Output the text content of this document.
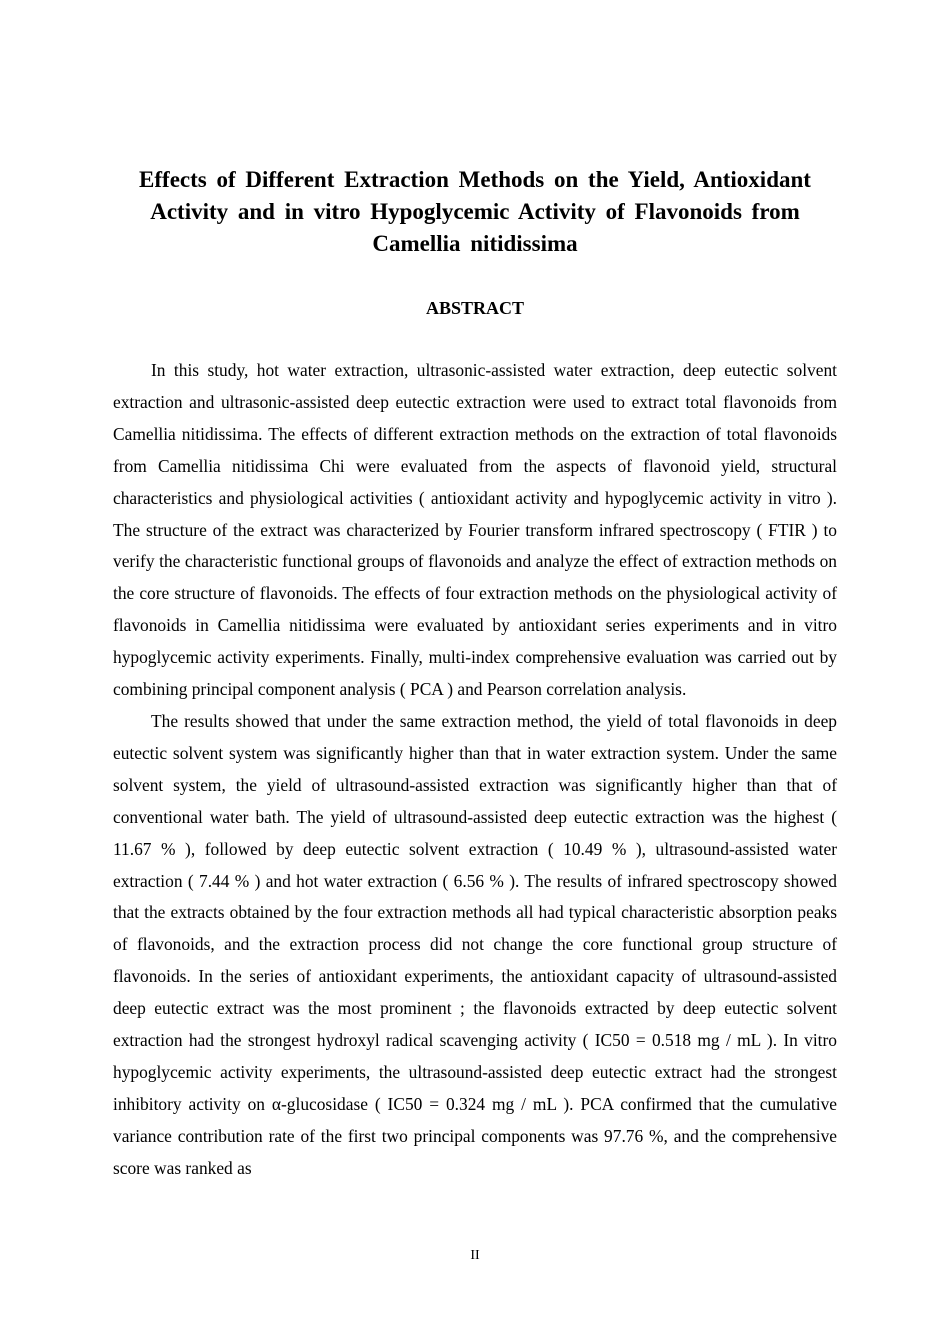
Effects of Different Extraction Methods on the Yield, Antioxidant Activity and in vitro Hypoglycemic Activity of Flavonoids from Camellia nitidissima
ABSTRACT

In this study, hot water extraction, ultrasonic-assisted water extraction, deep eutectic solvent extraction and ultrasonic-assisted deep eutectic extraction were used to extract total flavonoids from Camellia nitidissima. The effects of different extraction methods on the extraction of total flavonoids from Camellia nitidissima Chi were evaluated from the aspects of flavonoid yield, structural characteristics and physiological activities ( antioxidant activity and hypoglycemic activity in vitro ). The structure of the extract was characterized by Fourier transform infrared spectroscopy ( FTIR ) to verify the characteristic functional groups of flavonoids and analyze the effect of extraction methods on the core structure of flavonoids. The effects of four extraction methods on the physiological activity of flavonoids in Camellia nitidissima were evaluated by antioxidant series experiments and in vitro hypoglycemic activity experiments. Finally, multi-index comprehensive evaluation was carried out by combining principal component analysis ( PCA ) and Pearson correlation analysis.

The results showed that under the same extraction method, the yield of total flavonoids in deep eutectic solvent system was significantly higher than that in water extraction system. Under the same solvent system, the yield of ultrasound-assisted extraction was significantly higher than that of conventional water bath. The yield of ultrasound-assisted deep eutectic extraction was the highest ( 11.67 % ), followed by deep eutectic solvent extraction ( 10.49 % ), ultrasound-assisted water extraction ( 7.44 % ) and hot water extraction ( 6.56 % ). The results of infrared spectroscopy showed that the extracts obtained by the four extraction methods all had typical characteristic absorption peaks of flavonoids, and the extraction process did not change the core functional group structure of flavonoids. In the series of antioxidant experiments, the antioxidant capacity of ultrasound-assisted deep eutectic extract was the most prominent ; the flavonoids extracted by deep eutectic solvent extraction had the strongest hydroxyl radical scavenging activity ( IC50 = 0.518 mg / mL ). In vitro hypoglycemic activity experiments, the ultrasound-assisted deep eutectic extract had the strongest inhibitory activity on α-glucosidase ( IC50 = 0.324 mg / mL ). PCA confirmed that the cumulative variance contribution rate of the first two principal components was 97.76 %, and the comprehensive score was ranked as

II
